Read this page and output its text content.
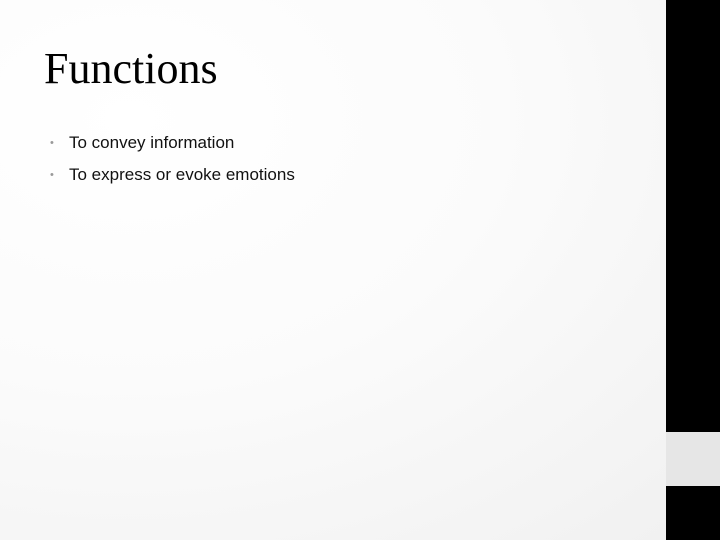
Functions
• To convey information
• To express or evoke emotions
